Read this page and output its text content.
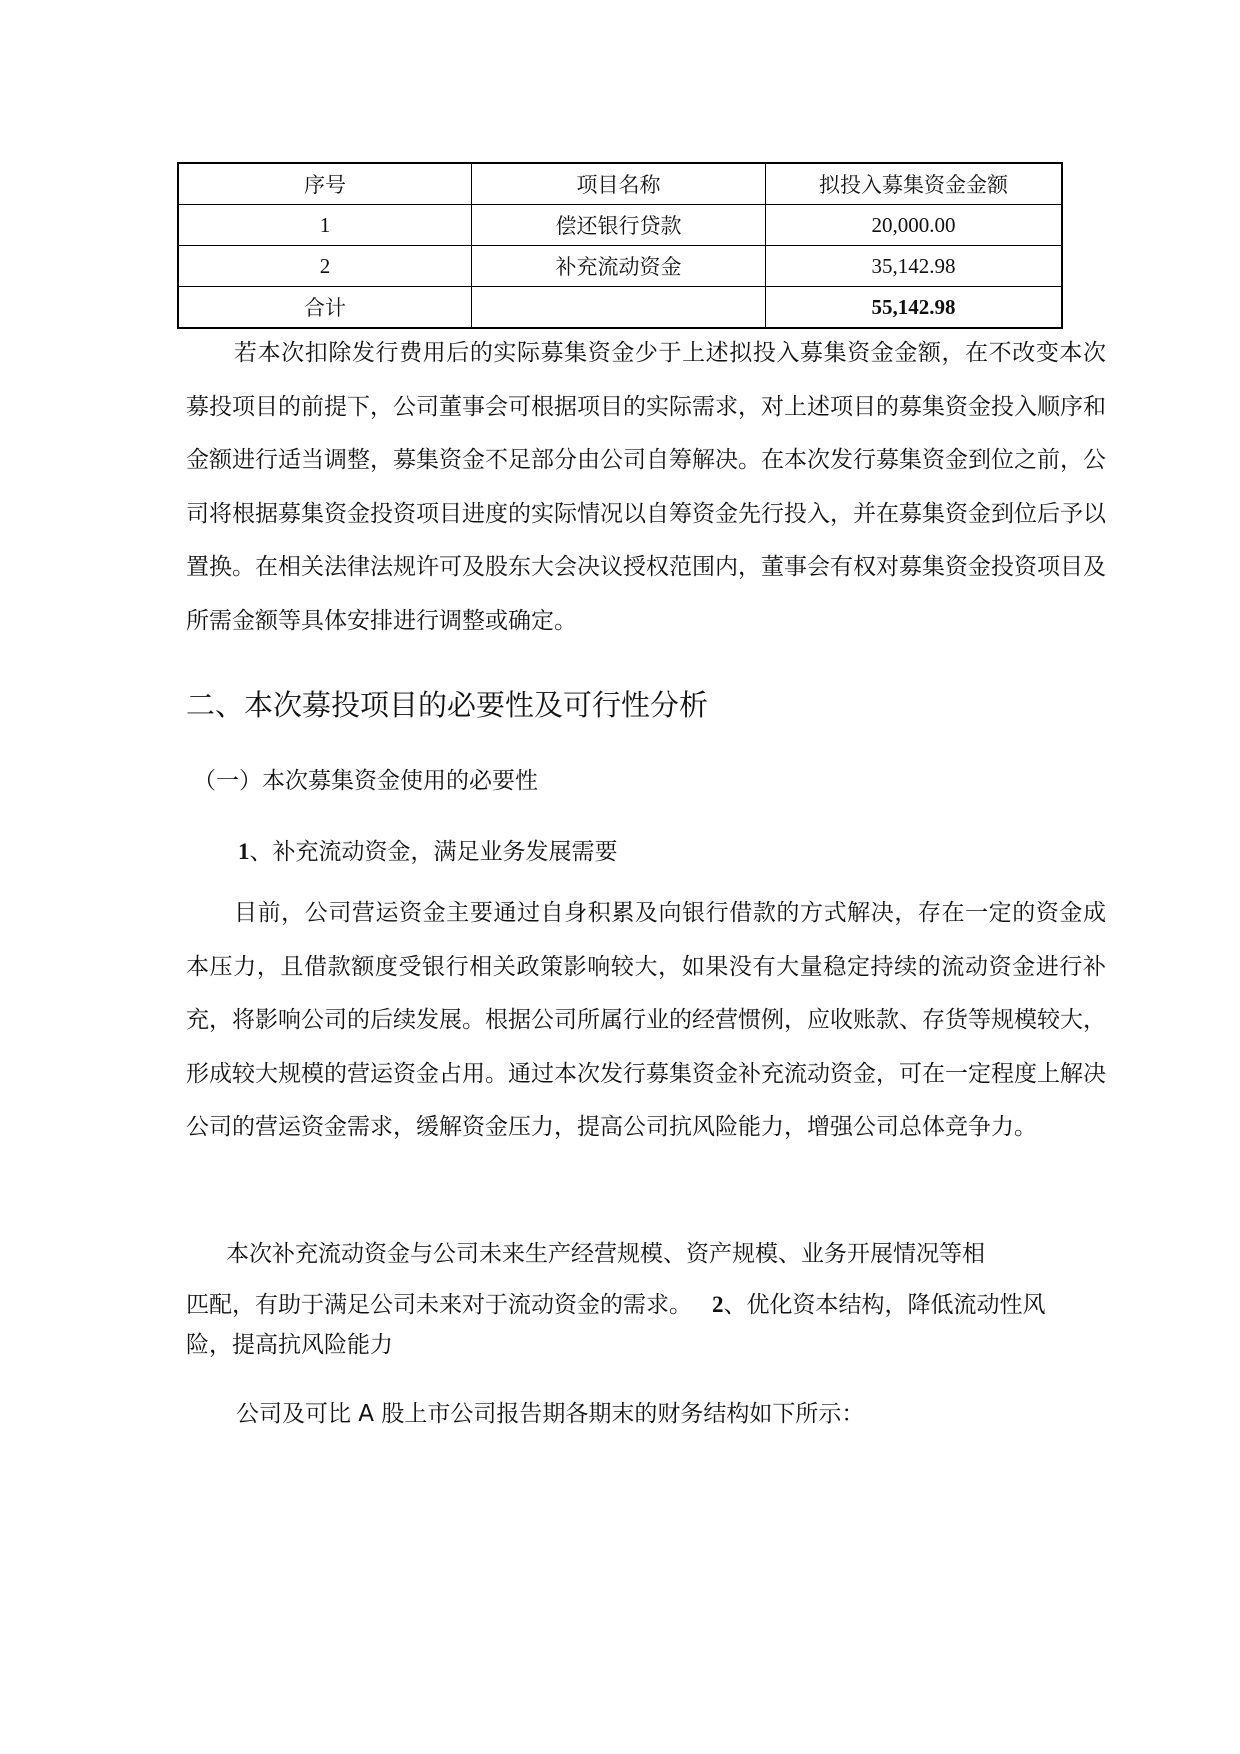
序号	项目名称	拟投入募集资金金额
1	偿还银行贷款	20,000.00
2	补充流动资金	35,142.98
合计		55,142.98

若本次扣除发行费用后的实际募集资金少于上述拟投入募集资金金额，在不改变本次募投项目的前提下，公司董事会可根据项目的实际需求，对上述项目的募集资金投入顺序和金额进行适当调整，募集资金不足部分由公司自筹解决。在本次发行募集资金到位之前，公司将根据募集资金投资项目进度的实际情况以自筹资金先行投入，并在募集资金到位后予以置换。在相关法律法规许可及股东大会决议授权范围内，董事会有权对募集资金投资项目及所需金额等具体安排进行调整或确定。

二、本次募投项目的必要性及可行性分析
（一）本次募集资金使用的必要性
1、补充流动资金，满足业务发展需要

目前，公司营运资金主要通过自身积累及向银行借款的方式解决，存在一定的资金成本压力，且借款额度受银行相关政策影响较大，如果没有大量稳定持续的流动资金进行补充，将影响公司的后续发展。根据公司所属行业的经营惯例，应收账款、存货等规模较大，形成较大规模的营运资金占用。通过本次发行募集资金补充流动资金，可在一定程度上解决公司的营运资金需求，缓解资金压力，提高公司抗风险能力，增强公司总体竞争力。

本次补充流动资金与公司未来生产经营规模、资产规模、业务开展情况等相

匹配，有助于满足公司未来对于流动资金的需求。 2、优化资本结构，降低流动性风

险，提高抗风险能力

公司及可比 A 股上市公司报告期各期末的财务结构如下所示：
